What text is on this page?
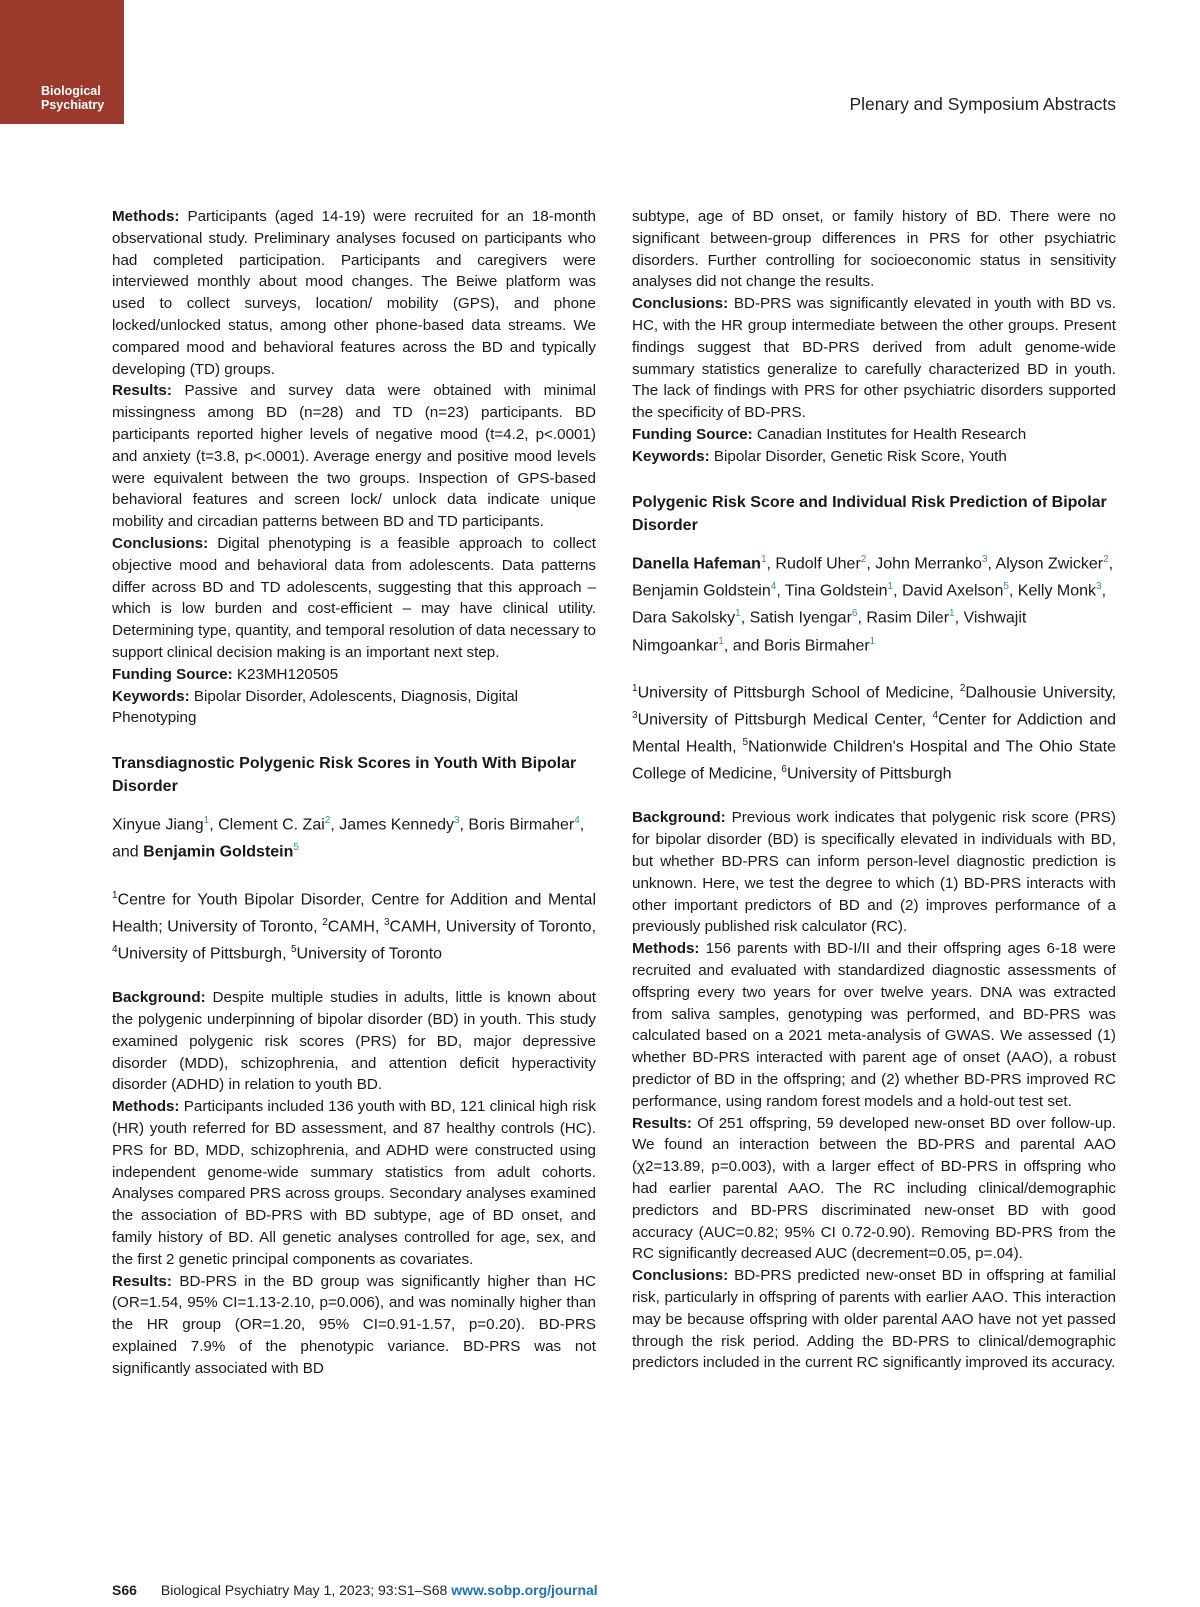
Biological
Psychiatry	Plenary and Symposium Abstracts

Methods: Participants (aged 14-19) were recruited for an 18-month observational study. Preliminary analyses focused on participants who had completed participation. Participants and caregivers were interviewed monthly about mood changes. The Beiwe platform was used to collect surveys, location/ mobility (GPS), and phone locked/unlocked status, among other phone-based data streams. We compared mood and behavioral features across the BD and typically developing (TD) groups.

Results: Passive and survey data were obtained with minimal missingness among BD (n=28) and TD (n=23) participants. BD participants reported higher levels of negative mood (t=4.2, p<.0001) and anxiety (t=3.8, p<.0001). Average energy and positive mood levels were equivalent between the two groups. Inspection of GPS-based behavioral features and screen lock/ unlock data indicate unique mobility and circadian patterns between BD and TD participants.

Conclusions: Digital phenotyping is a feasible approach to collect objective mood and behavioral data from adolescents. Data patterns differ across BD and TD adolescents, suggesting that this approach – which is low burden and cost-efficient – may have clinical utility. Determining type, quantity, and temporal resolution of data necessary to support clinical decision making is an important next step.

Funding Source: K23MH120505

Keywords: Bipolar Disorder, Adolescents, Diagnosis, Digital Phenotyping

Transdiagnostic Polygenic Risk Scores in Youth With Bipolar Disorder
Xinyue Jiang$^1$, Clement C. Zai$^2$, James Kennedy$^3$, Boris Birmaher$^4$, and Benjamin Goldstein$^5$
$^1$Centre for Youth Bipolar Disorder, Centre for Addition and Mental Health; University of Toronto, $^2$CAMH, $^3$CAMH, University of Toronto, $^4$University of Pittsburgh, $^5$University of Toronto

Background: Despite multiple studies in adults, little is known about the polygenic underpinning of bipolar disorder (BD) in youth. This study examined polygenic risk scores (PRS) for BD, major depressive disorder (MDD), schizophrenia, and attention deficit hyperactivity disorder (ADHD) in relation to youth BD.

Methods: Participants included 136 youth with BD, 121 clinical high risk (HR) youth referred for BD assessment, and 87 healthy controls (HC). PRS for BD, MDD, schizophrenia, and ADHD were constructed using independent genome-wide summary statistics from adult cohorts. Analyses compared PRS across groups. Secondary analyses examined the association of BD-PRS with BD subtype, age of BD onset, and family history of BD. All genetic analyses controlled for age, sex, and the first 2 genetic principal components as covariates.

Results: BD-PRS in the BD group was significantly higher than HC (OR=1.54, 95% CI=1.13-2.10, p=0.006), and was nominally higher than the HR group (OR=1.20, 95% CI=0.91-1.57, p=0.20). BD-PRS explained 7.9% of the phenotypic variance. BD-PRS was not significantly associated with BD

subtype, age of BD onset, or family history of BD. There were no significant between-group differences in PRS for other psychiatric disorders. Further controlling for socioeconomic status in sensitivity analyses did not change the results.

Conclusions: BD-PRS was significantly elevated in youth with BD vs. HC, with the HR group intermediate between the other groups. Present findings suggest that BD-PRS derived from adult genome-wide summary statistics generalize to carefully characterized BD in youth. The lack of findings with PRS for other psychiatric disorders supported the specificity of BD-PRS.

Funding Source: Canadian Institutes for Health Research

Keywords: Bipolar Disorder, Genetic Risk Score, Youth

Polygenic Risk Score and Individual Risk Prediction of Bipolar Disorder
Danella Hafeman$^1$, Rudolf Uher$^2$, John Merranko$^3$, Alyson Zwicker$^2$, Benjamin Goldstein$^4$, Tina Goldstein$^1$, David Axelson$^5$, Kelly Monk$^3$, Dara Sakolsky$^1$, Satish Iyengar$^6$, Rasim Diler$^1$, Vishwajit Nimgoankar$^1$, and Boris Birmaher$^1$
$^1$University of Pittsburgh School of Medicine, $^2$Dalhousie University, $^3$University of Pittsburgh Medical Center, $^4$Center for Addiction and Mental Health, $^5$Nationwide Children's Hospital and The Ohio State College of Medicine, $^6$University of Pittsburgh

Background: Previous work indicates that polygenic risk score (PRS) for bipolar disorder (BD) is specifically elevated in individuals with BD, but whether BD-PRS can inform person-level diagnostic prediction is unknown. Here, we test the degree to which (1) BD-PRS interacts with other important predictors of BD and (2) improves performance of a previously published risk calculator (RC).

Methods: 156 parents with BD-I/II and their offspring ages 6-18 were recruited and evaluated with standardized diagnostic assessments of offspring every two years for over twelve years. DNA was extracted from saliva samples, genotyping was performed, and BD-PRS was calculated based on a 2021 meta-analysis of GWAS. We assessed (1) whether BD-PRS interacted with parent age of onset (AAO), a robust predictor of BD in the offspring; and (2) whether BD-PRS improved RC performance, using random forest models and a hold-out test set.

Results: Of 251 offspring, 59 developed new-onset BD over follow-up. We found an interaction between the BD-PRS and parental AAO (χ2=13.89, p=0.003), with a larger effect of BD-PRS in offspring who had earlier parental AAO. The RC including clinical/demographic predictors and BD-PRS discriminated new-onset BD with good accuracy (AUC=0.82; 95% CI 0.72-0.90). Removing BD-PRS from the RC significantly decreased AUC (decrement=0.05, p=.04).

Conclusions: BD-PRS predicted new-onset BD in offspring at familial risk, particularly in offspring of parents with earlier AAO. This interaction may be because offspring with older parental AAO have not yet passed through the risk period. Adding the BD-PRS to clinical/demographic predictors included in the current RC significantly improved its accuracy.

S66 Biological Psychiatry May 1, 2023; 93:S1–S68 www.sobp.org/journal
